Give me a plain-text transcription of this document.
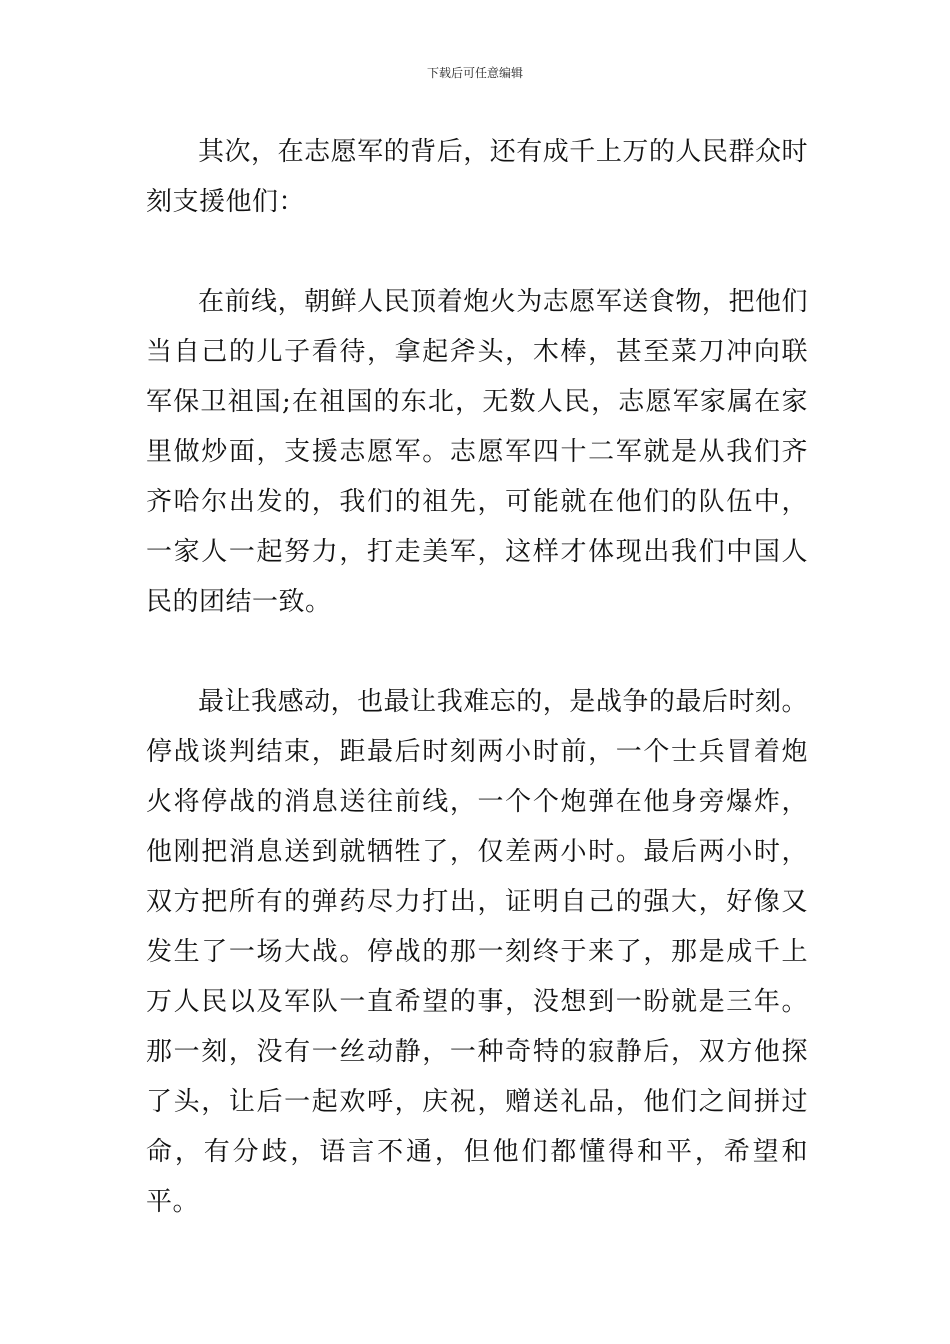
下载后可任意编辑

其次，在志愿军的背后，还有成千上万的人民群众时刻支援他们：

在前线，朝鲜人民顶着炮火为志愿军送食物，把他们当自己的儿子看待，拿起斧头，木棒，甚至菜刀冲向联军保卫祖国;在祖国的东北，无数人民，志愿军家属在家里做炒面，支援志愿军。志愿军四十二军就是从我们齐齐哈尔出发的，我们的祖先，可能就在他们的队伍中，一家人一起努力，打走美军，这样才体现出我们中国人民的团结一致。

最让我感动，也最让我难忘的，是战争的最后时刻。停战谈判结束，距最后时刻两小时前，一个士兵冒着炮火将停战的消息送往前线，一个个炮弹在他身旁爆炸，他刚把消息送到就牺牲了，仅差两小时。最后两小时，双方把所有的弹药尽力打出，证明自己的强大，好像又发生了一场大战。停战的那一刻终于来了，那是成千上万人民以及军队一直希望的事，没想到一盼就是三年。那一刻，没有一丝动静，一种奇特的寂静后，双方他探了头，让后一起欢呼，庆祝，赠送礼品，他们之间拼过命，有分歧，语言不通，但他们都懂得和平，希望和平。
